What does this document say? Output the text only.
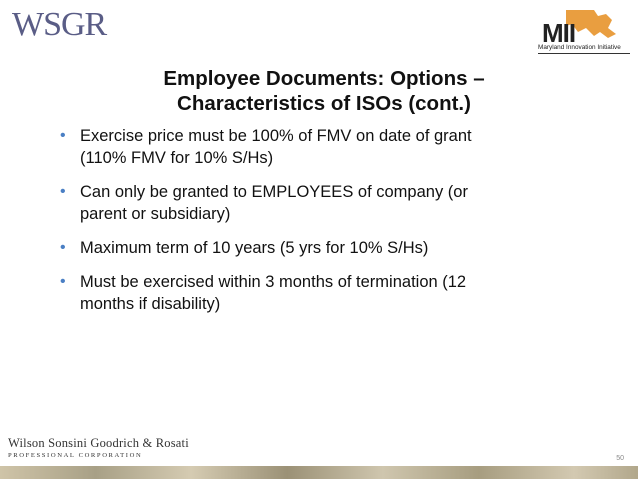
WSGR	MII
Maryland Innovation Initiative
Employee Documents: Options –
Characteristics of ISOs (cont.)
• Exercise price must be 100% of FMV on date of grant
(110% FMV for 10% S/Hs)
• Can only be granted to EMPLOYEES of company (or
parent or subsidiary)
• Maximum term of 10 years (5 yrs for 10% S/Hs)
• Must be exercised within 3 months of termination (12
months if disability)
Wilson Sonsini Goodrich & Rosati
PROFESSIONAL CORPORATION	50
